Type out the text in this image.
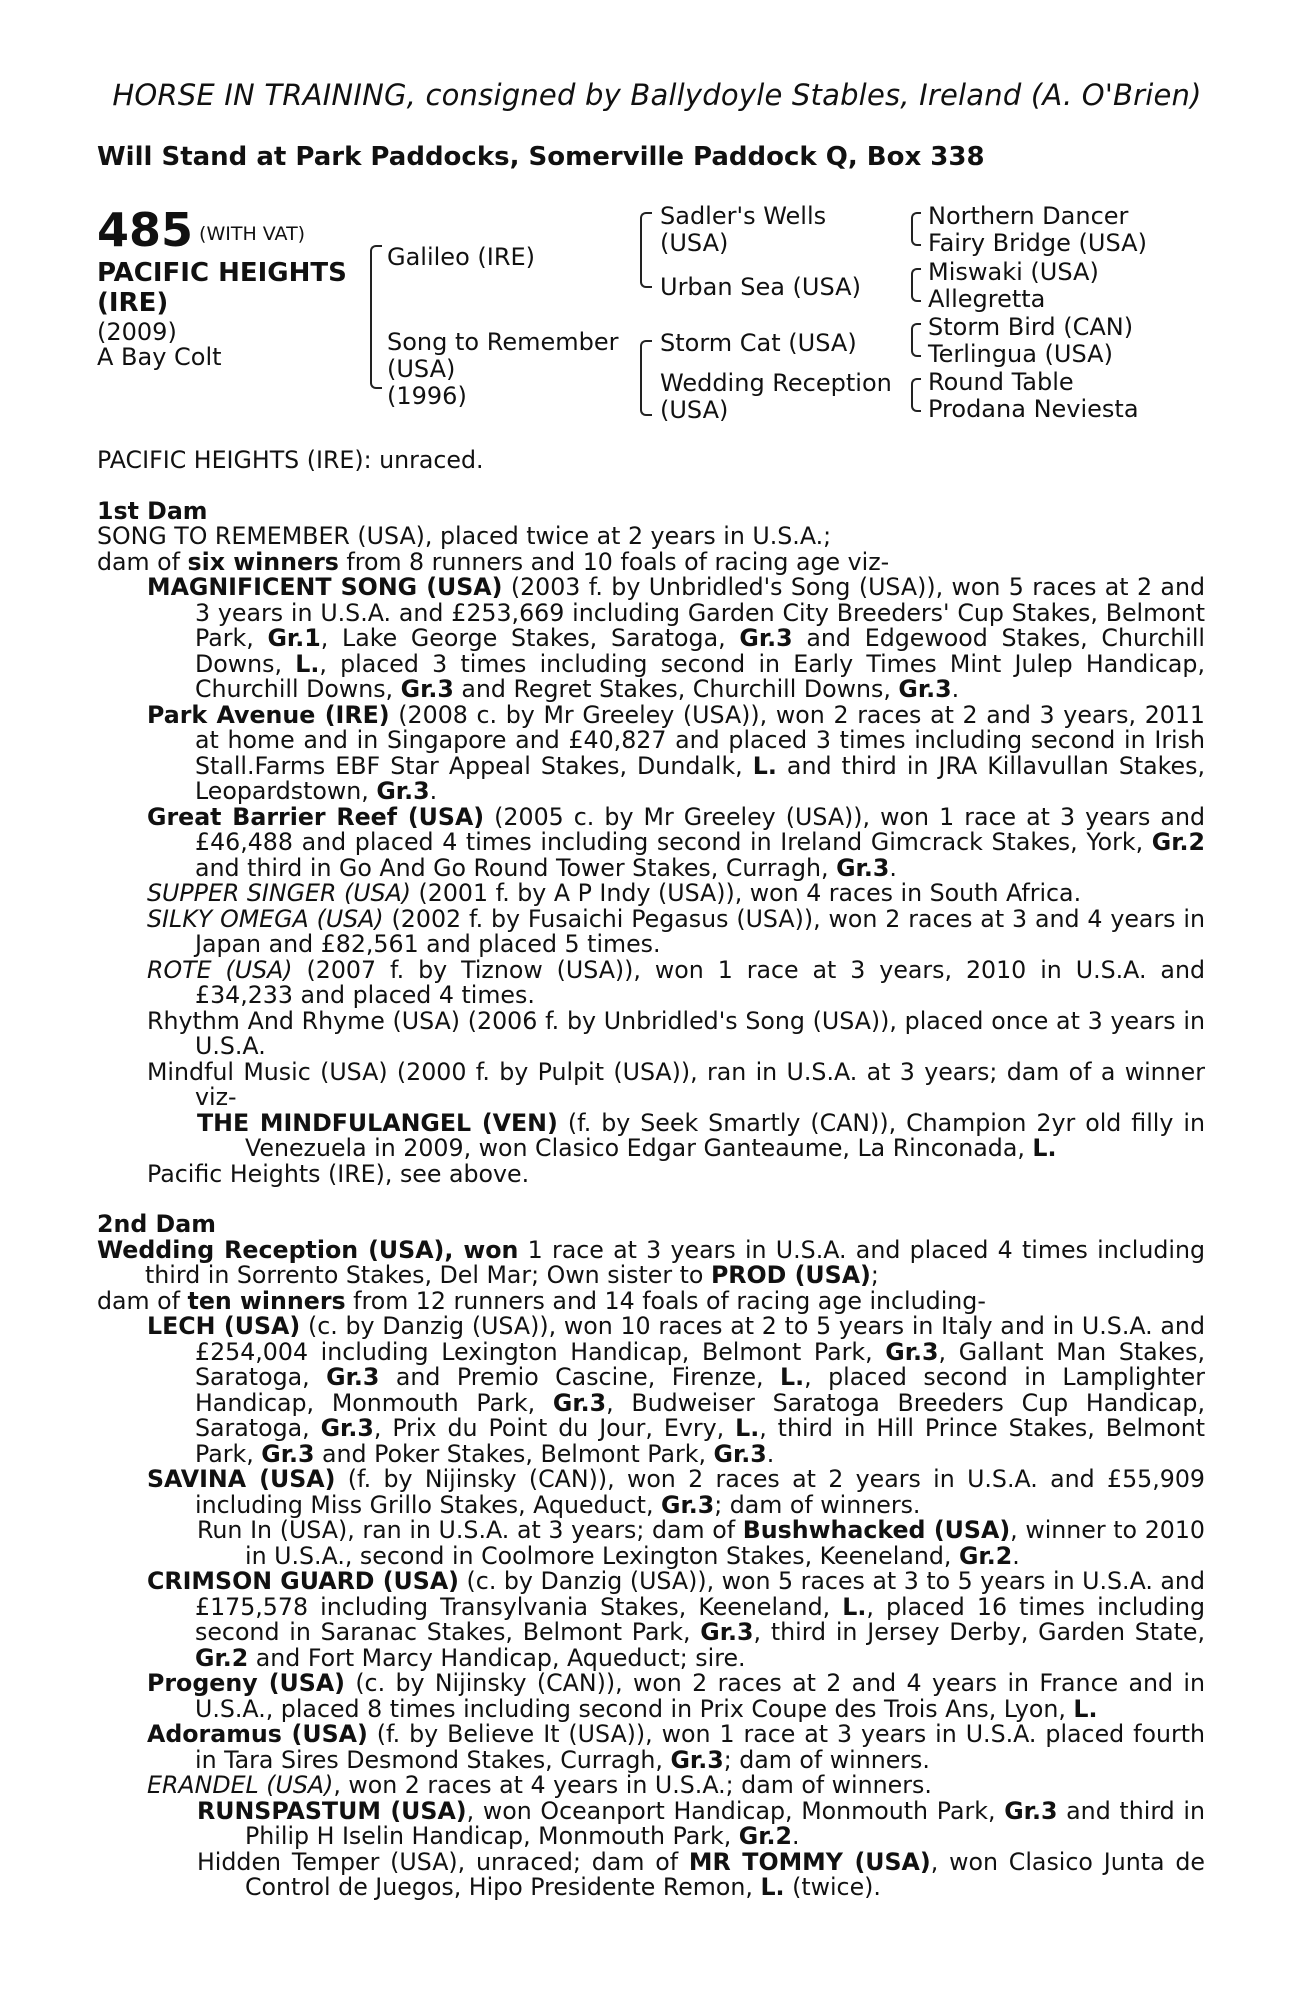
HORSE IN TRAINING, consigned by Ballydoyle Stables, Ireland (A. O'Brien)
Will Stand at Park Paddocks, Somerville Paddock Q, Box 338
485 (WITH VAT)
PACIFIC HEIGHTS
(IRE)
(2009)
A Bay Colt
Galileo (IRE)
Song to Remember
(USA)
(1996)
Sadler's Wells
(USA)
Urban Sea (USA)
Storm Cat (USA)
Wedding Reception
(USA)
Northern Dancer
Fairy Bridge (USA)
Miswaki (USA)
Allegretta
Storm Bird (CAN)
Terlingua (USA)
Round Table
Prodana Neviesta

PACIFIC HEIGHTS (IRE): unraced.

1st Dam

SONG TO REMEMBER (USA), placed twice at 2 years in U.S.A.;

dam of six winners from 8 runners and 10 foals of racing age viz-

MAGNIFICENT SONG (USA) (2003 f. by Unbridled's Song (USA)), won 5 races at 2 and 3 years in U.S.A. and £253,669 including Garden City Breeders' Cup Stakes, Belmont Park, Gr.1, Lake George Stakes, Saratoga, Gr.3 and Edgewood Stakes, Churchill Downs, L., placed 3 times including second in Early Times Mint Julep Handicap, Churchill Downs, Gr.3 and Regret Stakes, Churchill Downs, Gr.3.

Park Avenue (IRE) (2008 c. by Mr Greeley (USA)), won 2 races at 2 and 3 years, 2011 at home and in Singapore and £40,827 and placed 3 times including second in Irish Stall.Farms EBF Star Appeal Stakes, Dundalk, L. and third in JRA Killavullan Stakes, Leopardstown, Gr.3.

Great Barrier Reef (USA) (2005 c. by Mr Greeley (USA)), won 1 race at 3 years and £46,488 and placed 4 times including second in Ireland Gimcrack Stakes, York, Gr.2 and third in Go And Go Round Tower Stakes, Curragh, Gr.3.

SUPPER SINGER (USA) (2001 f. by A P Indy (USA)), won 4 races in South Africa.

SILKY OMEGA (USA) (2002 f. by Fusaichi Pegasus (USA)), won 2 races at 3 and 4 years in Japan and £82,561 and placed 5 times.

ROTE (USA) (2007 f. by Tiznow (USA)), won 1 race at 3 years, 2010 in U.S.A. and £34,233 and placed 4 times.

Rhythm And Rhyme (USA) (2006 f. by Unbridled's Song (USA)), placed once at 3 years in U.S.A.

Mindful Music (USA) (2000 f. by Pulpit (USA)), ran in U.S.A. at 3 years; dam of a winner viz-

THE MINDFULANGEL (VEN) (f. by Seek Smartly (CAN)), Champion 2yr old filly in Venezuela in 2009, won Clasico Edgar Ganteaume, La Rinconada, L.

Pacific Heights (IRE), see above.

2nd Dam

Wedding Reception (USA), won 1 race at 3 years in U.S.A. and placed 4 times including third in Sorrento Stakes, Del Mar; Own sister to PROD (USA);

dam of ten winners from 12 runners and 14 foals of racing age including-

LECH (USA) (c. by Danzig (USA)), won 10 races at 2 to 5 years in Italy and in U.S.A. and £254,004 including Lexington Handicap, Belmont Park, Gr.3, Gallant Man Stakes, Saratoga, Gr.3 and Premio Cascine, Firenze, L., placed second in Lamplighter Handicap, Monmouth Park, Gr.3, Budweiser Saratoga Breeders Cup Handicap, Saratoga, Gr.3, Prix du Point du Jour, Evry, L., third in Hill Prince Stakes, Belmont Park, Gr.3 and Poker Stakes, Belmont Park, Gr.3.

SAVINA (USA) (f. by Nijinsky (CAN)), won 2 races at 2 years in U.S.A. and £55,909 including Miss Grillo Stakes, Aqueduct, Gr.3; dam of winners.

Run In (USA), ran in U.S.A. at 3 years; dam of Bushwhacked (USA), winner to 2010 in U.S.A., second in Coolmore Lexington Stakes, Keeneland, Gr.2.

CRIMSON GUARD (USA) (c. by Danzig (USA)), won 5 races at 3 to 5 years in U.S.A. and £175,578 including Transylvania Stakes, Keeneland, L., placed 16 times including second in Saranac Stakes, Belmont Park, Gr.3, third in Jersey Derby, Garden State, Gr.2 and Fort Marcy Handicap, Aqueduct; sire.

Progeny (USA) (c. by Nijinsky (CAN)), won 2 races at 2 and 4 years in France and in U.S.A., placed 8 times including second in Prix Coupe des Trois Ans, Lyon, L.

Adoramus (USA) (f. by Believe It (USA)), won 1 race at 3 years in U.S.A. placed fourth in Tara Sires Desmond Stakes, Curragh, Gr.3; dam of winners.

ERANDEL (USA), won 2 races at 4 years in U.S.A.; dam of winners.

RUNSPASTUM (USA), won Oceanport Handicap, Monmouth Park, Gr.3 and third in Philip H Iselin Handicap, Monmouth Park, Gr.2.

Hidden Temper (USA), unraced; dam of MR TOMMY (USA), won Clasico Junta de Control de Juegos, Hipo Presidente Remon, L. (twice).
